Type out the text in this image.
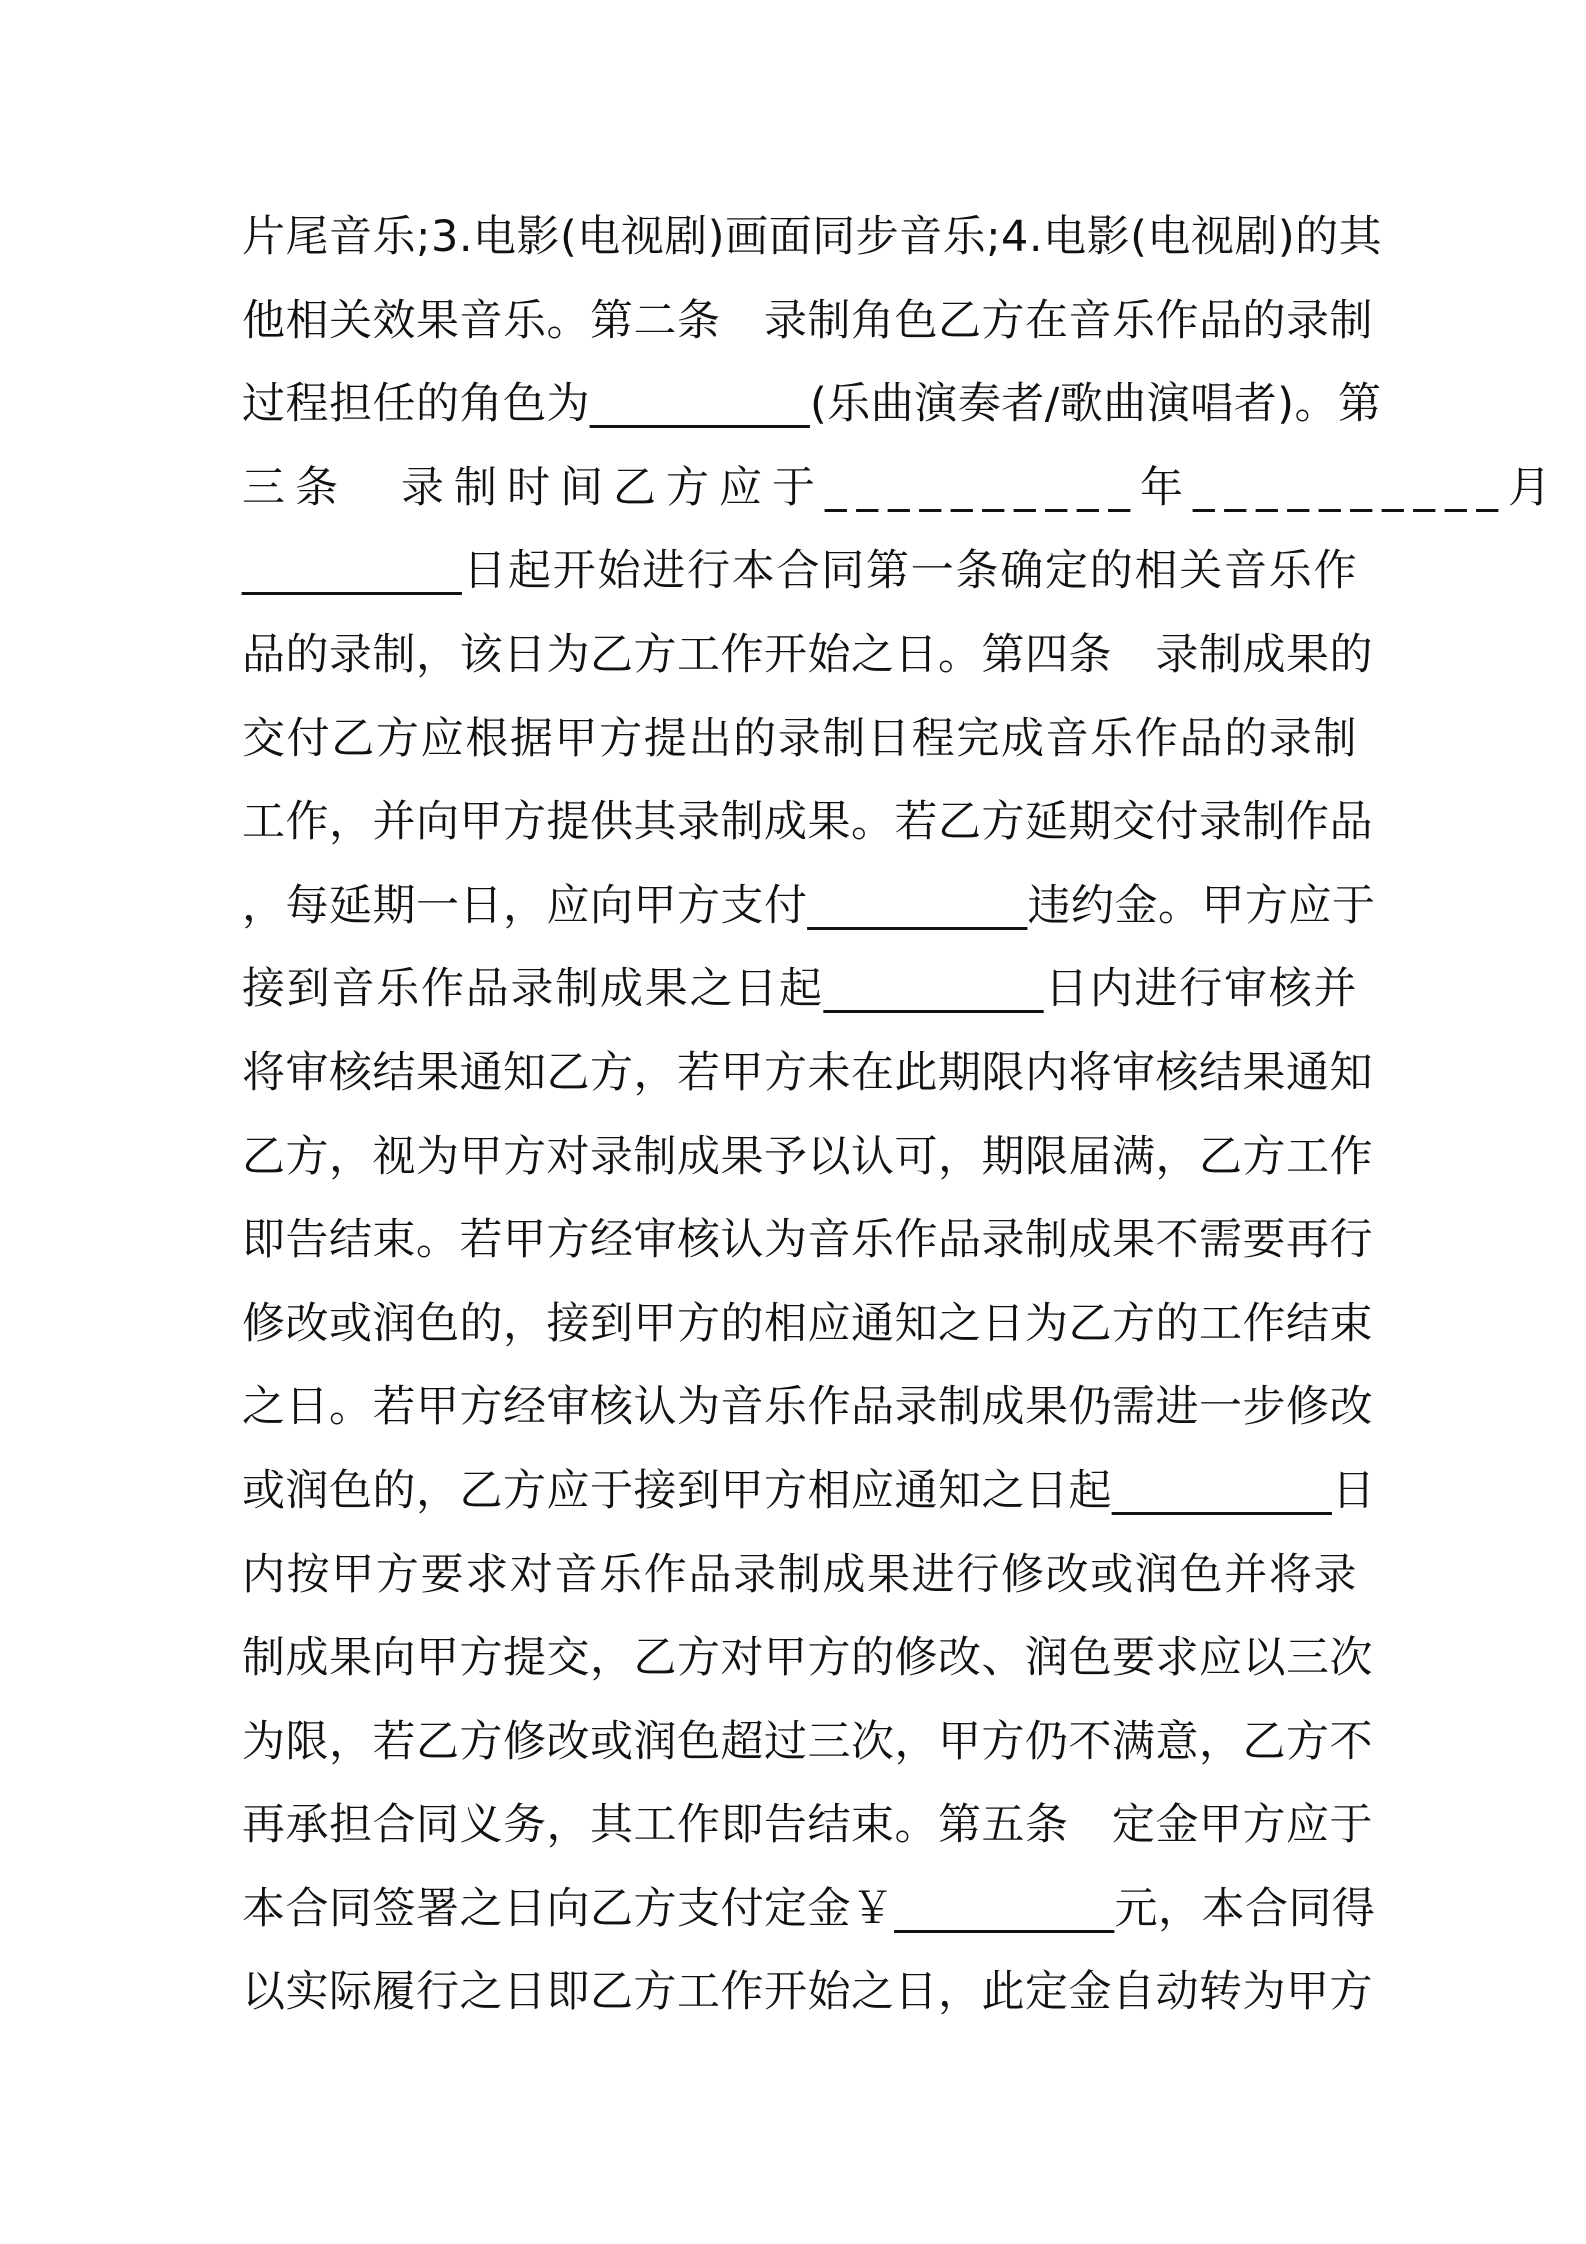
片尾音乐;3.电影(电视剧)画面同步音乐;4.电影(电视剧)的其
他相关效果音乐。第二条　录制角色乙方在音乐作品的录制
过程担任的角色为__________(乐曲演奏者/歌曲演唱者)。第
三条　录制时间乙方应于__________年__________月
__________日起开始进行本合同第一条确定的相关音乐作
品的录制，该日为乙方工作开始之日。第四条　录制成果的
交付乙方应根据甲方提出的录制日程完成音乐作品的录制
工作，并向甲方提供其录制成果。若乙方延期交付录制作品
，每延期一日，应向甲方支付__________违约金。甲方应于
接到音乐作品录制成果之日起__________日内进行审核并
将审核结果通知乙方，若甲方未在此期限内将审核结果通知
乙方，视为甲方对录制成果予以认可，期限届满，乙方工作
即告结束。若甲方经审核认为音乐作品录制成果不需要再行
修改或润色的，接到甲方的相应通知之日为乙方的工作结束
之日。若甲方经审核认为音乐作品录制成果仍需进一步修改
或润色的，乙方应于接到甲方相应通知之日起__________日
内按甲方要求对音乐作品录制成果进行修改或润色并将录
制成果向甲方提交，乙方对甲方的修改、润色要求应以三次
为限，若乙方修改或润色超过三次，甲方仍不满意，乙方不
再承担合同义务，其工作即告结束。第五条　定金甲方应于
本合同签署之日向乙方支付定金￥__________元，本合同得
以实际履行之日即乙方工作开始之日，此定金自动转为甲方
